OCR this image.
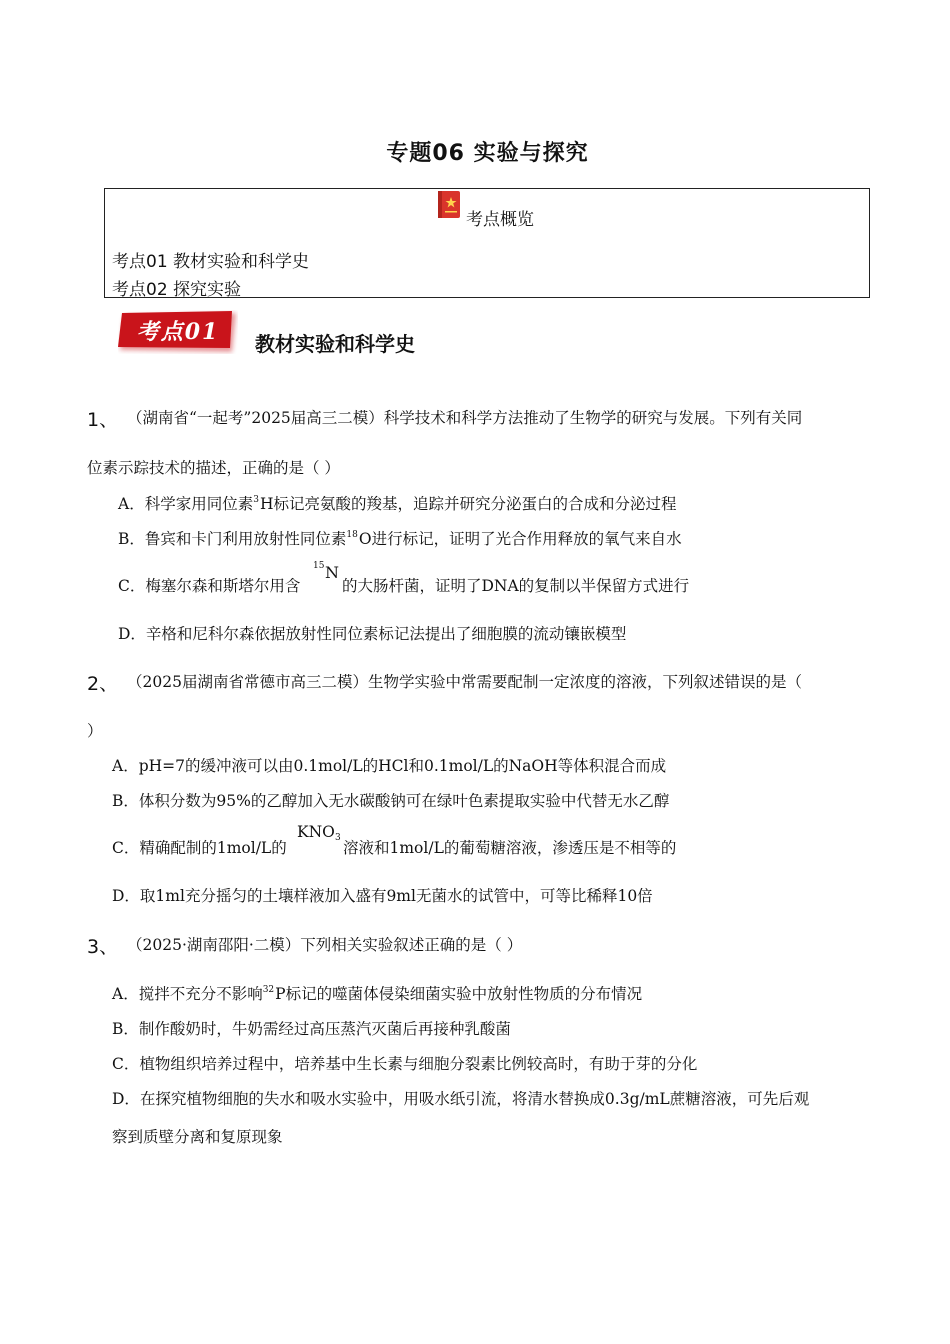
专题06 实验与探究
考点概览
考点01 教材实验和科学史
考点02 探究实验
考点01	教材实验和科学史
1、 （湖南省“一起考”2025届高三二模）科学技术和科学方法推动了生物学的研究与发展。下列有关同
位素示踪技术的描述，正确的是（ ）
A．科学家用同位素$^3$H标记亮氨酸的羧基，追踪并研究分泌蛋白的合成和分泌过程
B．鲁宾和卡门利用放射性同位素$^{18}$O进行标记，证明了光合作用释放的氧气来自水
C．梅塞尔森和斯塔尔用含
15 N
的大肠杆菌，证明了DNA的复制以半保留方式进行
D．辛格和尼科尔森依据放射性同位素标记法提出了细胞膜的流动镶嵌模型
2、 （2025届湖南省常德市高三二模）生物学实验中常需要配制一定浓度的溶液，下列叙述错误的是（
）
A．pH=7的缓冲液可以由0.1mol/L的HCl和0.1mol/L的NaOH等体积混合而成
B．体积分数为95%的乙醇加入无水碳酸钠可在绿叶色素提取实验中代替无水乙醇
C．精确配制的1mol/L的
KNO 3
溶液和1mol/L的葡萄糖溶液，渗透压是不相等的
D．取1ml充分摇匀的土壤样液加入盛有9ml无菌水的试管中，可等比稀释10倍
3、 （2025·湖南邵阳·二模）下列相关实验叙述正确的是（ ）
A．搅拌不充分不影响$^{32}$P标记的噬菌体侵染细菌实验中放射性物质的分布情况
B．制作酸奶时，牛奶需经过高压蒸汽灭菌后再接种乳酸菌
C．植物组织培养过程中，培养基中生长素与细胞分裂素比例较高时，有助于芽的分化
D．在探究植物细胞的失水和吸水实验中，用吸水纸引流，将清水替换成0.3g/mL蔗糖溶液，可先后观
察到质壁分离和复原现象
